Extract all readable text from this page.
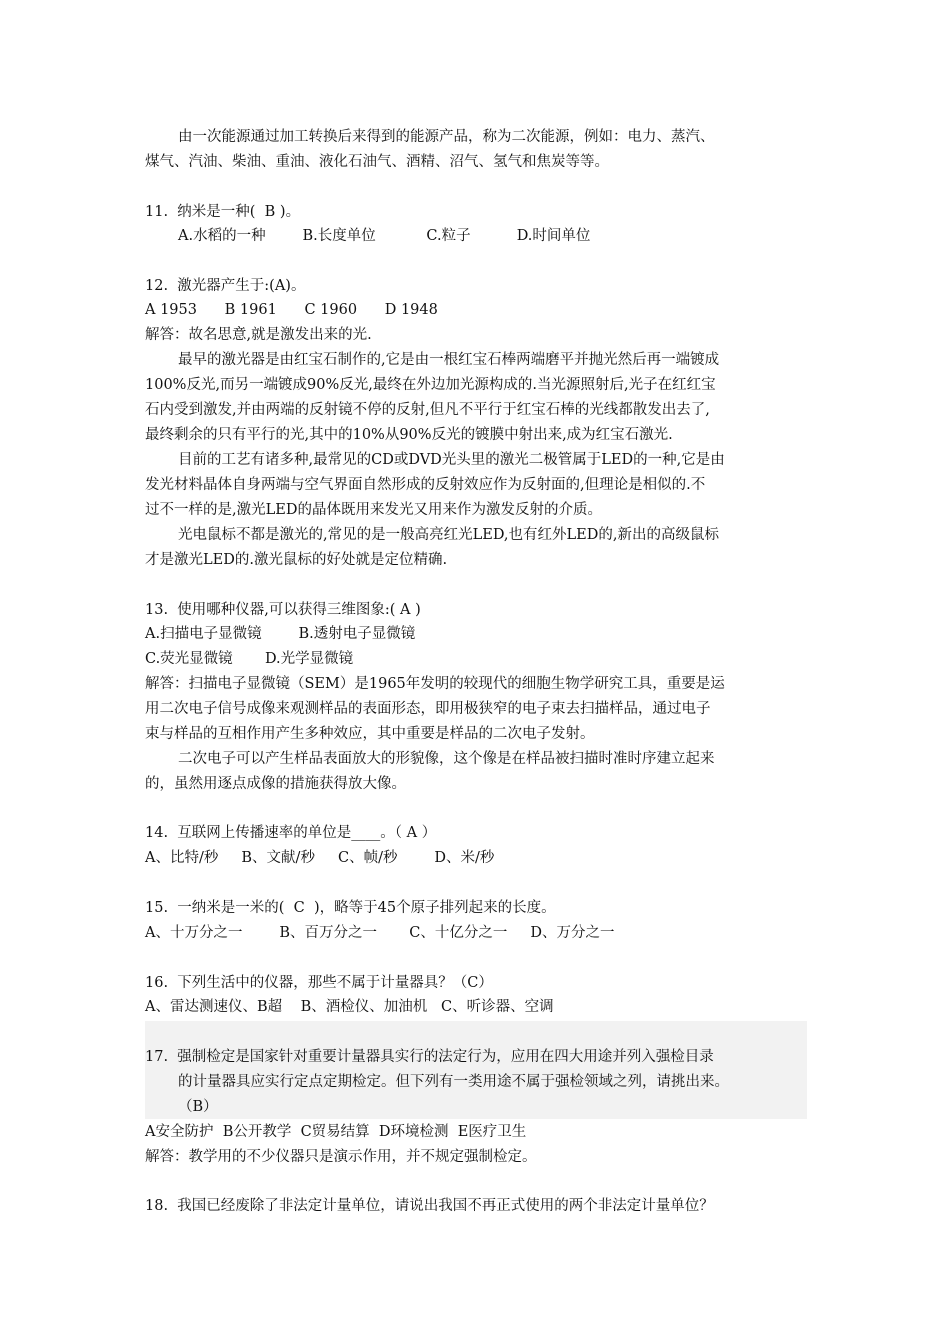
由一次能源通过加工转换后来得到的能源产品，称为二次能源，例如：电力、蒸汽、
煤气、汽油、柴油、重油、液化石油气、酒精、沼气、氢气和焦炭等等。
11.  纳米是一种(  B )。
A.水稻的一种        B.长度单位           C.粒子          D.时间单位
12.  激光器产生于:(A)。
A 1953      B 1961      C 1960      D 1948
解答：故名思意,就是激发出来的光.
最早的激光器是由红宝石制作的,它是由一根红宝石棒两端磨平并抛光然后再一端镀成
100%反光,而另一端镀成90%反光,最终在外边加光源构成的.当光源照射后,光子在红红宝
石内受到激发,并由两端的反射镜不停的反射,但凡不平行于红宝石棒的光线都散发出去了,
最终剩余的只有平行的光,其中的10%从90%反光的镀膜中射出来,成为红宝石激光.
目前的工艺有诸多种,最常见的CD或DVD光头里的激光二极管属于LED的一种,它是由
发光材料晶体自身两端与空气界面自然形成的反射效应作为反射面的,但理论是相似的.不
过不一样的是,激光LED的晶体既用来发光又用来作为激发反射的介质。
光电鼠标不都是激光的,常见的是一般高亮红光LED,也有红外LED的,新出的高级鼠标
才是激光LED的.激光鼠标的好处就是定位精确.
13.  使用哪种仪器,可以获得三维图象:( A )
A.扫描电子显微镜        B.透射电子显微镜
C.荧光显微镜       D.光学显微镜
解答：扫描电子显微镜（SEM）是1965年发明的较现代的细胞生物学研究工具，重要是运
用二次电子信号成像来观测样品的表面形态，即用极狭窄的电子束去扫描样品，通过电子
束与样品的互相作用产生多种效应，其中重要是样品的二次电子发射。
二次电子可以产生样品表面放大的形貌像，这个像是在样品被扫描时准时序建立起来
的，虽然用逐点成像的措施获得放大像。
14.  互联网上传播速率的单位是____。（ A ）
A、比特/秒     B、文献/秒     C、帧/秒        D、米/秒
15.  一纳米是一米的(  C  )，略等于45个原子排列起来的长度。
A、十万分之一        B、百万分之一       C、十亿分之一     D、万分之一
16.  下列生活中的仪器，那些不属于计量器具？（C）
A、雷达测速仪、B超    B、酒检仪、加油机   C、听诊器、空调
17.  强制检定是国家针对重要计量器具实行的法定行为，应用在四大用途并列入强检目录
的计量器具应实行定点定期检定。但下列有一类用途不属于强检领域之列，请挑出来。
（B）
A安全防护  B公开教学  C贸易结算  D环境检测  E医疗卫生
解答：教学用的不少仪器只是演示作用，并不规定强制检定。
18.  我国已经废除了非法定计量单位，请说出我国不再正式使用的两个非法定计量单位？
